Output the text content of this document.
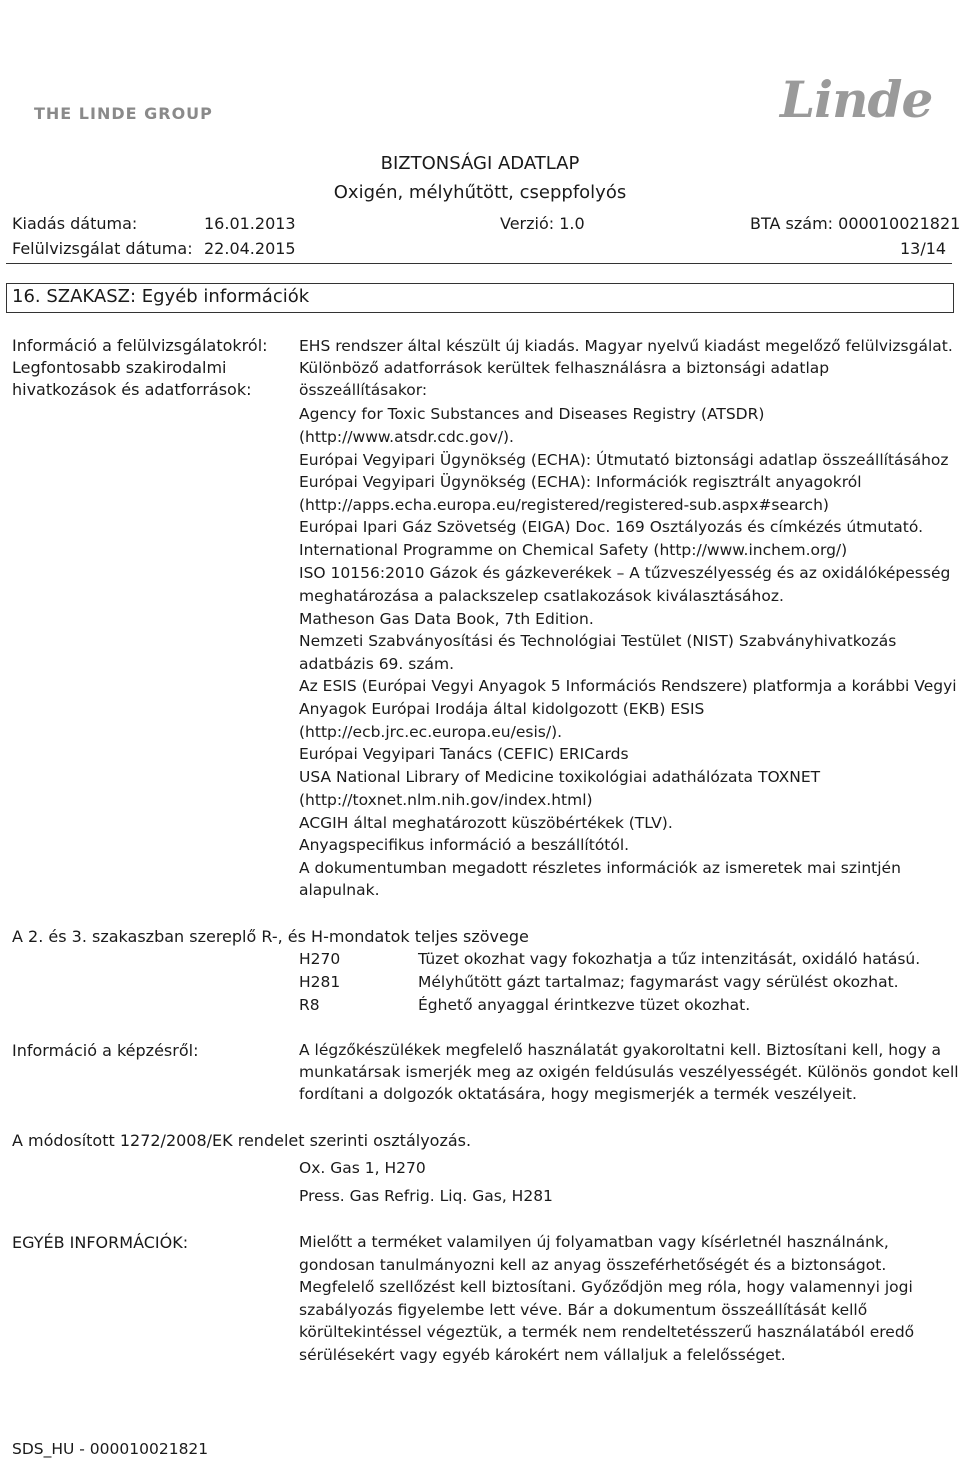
THE LINDE GROUP	Linde
BIZTONSÁGI ADATLAP
Oxigén, mélyhűtött, cseppfolyós
Kiadás dátuma:	16.01.2013	Verzió: 1.0	BTA szám: 000010021821
Felülvizsgálat dátuma: 22.04.2015	13/14
16. SZAKASZ: Egyéb információk
Információ a felülvizsgálatokról:
Legfontosabb szakirodalmi
hivatkozások és adatforrások:
EHS rendszer által készült új kiadás. Magyar nyelvű kiadást megelőző felülvizsgálat.
Különböző adatforrások kerültek felhasználásra a biztonsági adatlap
összeállításakor:
Agency for Toxic Substances and Diseases Registry (ATSDR)
(http://www.atsdr.cdc.gov/).
Európai Vegyipari Ügynökség (ECHA): Útmutató biztonsági adatlap összeállításához
Európai Vegyipari Ügynökség (ECHA): Információk regisztrált anyagokról
(http://apps.echa.europa.eu/registered/registered-sub.aspx#search)
Európai Ipari Gáz Szövetség (EIGA) Doc. 169 Osztályozás és címkézés útmutató.
International Programme on Chemical Safety (http://www.inchem.org/)
ISO 10156:2010 Gázok és gázkeverékek – A tűzveszélyesség és az oxidálóképesség
meghatározása a palackszelep csatlakozások kiválasztásához.
Matheson Gas Data Book, 7th Edition.
Nemzeti Szabványosítási és Technológiai Testület (NIST) Szabványhivatkozás
adatbázis 69. szám.
Az ESIS (Európai Vegyi Anyagok 5 Információs Rendszere) platformja a korábbi Vegyi
Anyagok Európai Irodája által kidolgozott (EKB) ESIS
(http://ecb.jrc.ec.europa.eu/esis/).
Európai Vegyipari Tanács (CEFIC) ERICards
USA National Library of Medicine toxikológiai adathálózata TOXNET
(http://toxnet.nlm.nih.gov/index.html)
ACGIH által meghatározott küszöbértékek (TLV).
Anyagspecifikus információ a beszállítótól.
A dokumentumban megadott részletes információk az ismeretek mai szintjén
alapulnak.
A 2. és 3. szakaszban szereplő R-, és H-mondatok teljes szövege
H270	Tüzet okozhat vagy fokozhatja a tűz intenzitását, oxidáló hatású.
H281	Mélyhűtött gázt tartalmaz; fagymarást vagy sérülést okozhat.
R8	Éghető anyaggal érintkezve tüzet okozhat.
Információ a képzésről:	A légzőkészülékek megfelelő használatát gyakoroltatni kell. Biztosítani kell, hogy a
munkatársak ismerjék meg az oxigén feldúsulás veszélyességét. Különös gondot kell
fordítani a dolgozók oktatására, hogy megismerjék a termék veszélyeit.
A módosított 1272/2008/EK rendelet szerinti osztályozás.
Ox. Gas 1, H270
Press. Gas Refrig. Liq. Gas, H281
EGYÉB INFORMÁCIÓK:	Mielőtt a terméket valamilyen új folyamatban vagy kísérletnél használnánk,
gondosan tanulmányozni kell az anyag összeférhetőségét és a biztonságot.
Megfelelő szellőzést kell biztosítani. Győződjön meg róla, hogy valamennyi jogi
szabályozás figyelembe lett véve. Bár a dokumentum összeállítását kellő
körültekintéssel végeztük, a termék nem rendeltetésszerű használatából eredő
sérülésekért vagy egyéb károkért nem vállaljuk a felelősséget.
SDS_HU - 000010021821
